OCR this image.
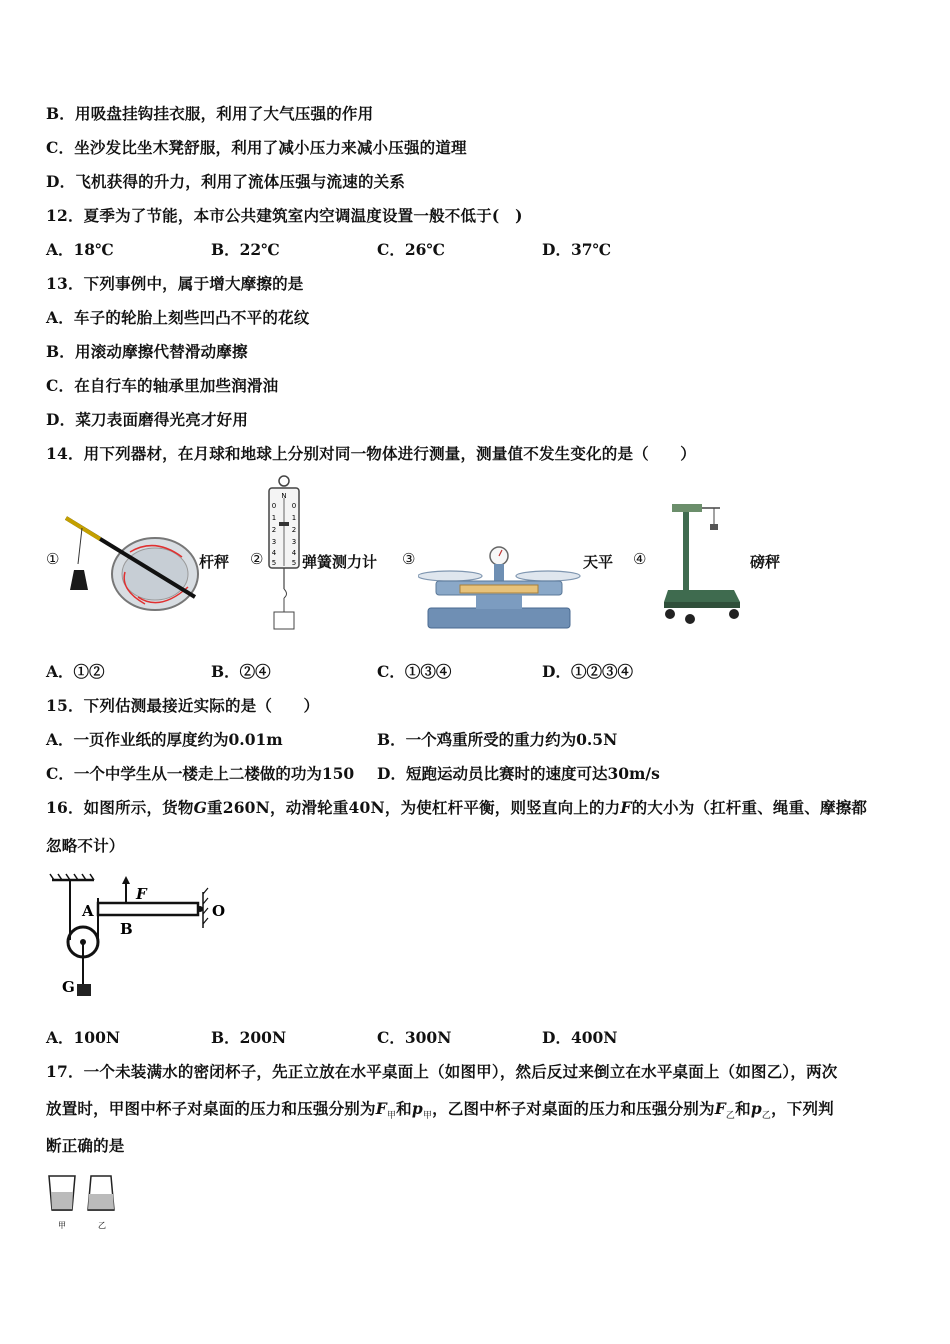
B．用吸盘挂钩挂衣服，利用了大气压强的作用
C．坐沙发比坐木凳舒服，利用了减小压力来减小压强的道理
D．飞机获得的升力，利用了流体压强与流速的关系
12．夏季为了节能，本市公共建筑室内空调温度设置一般不低于(　)
A．18℃	B．22℃	C．26℃	D．37℃
13．下列事例中，属于增大摩擦的是
A．车子的轮胎上刻些凹凸不平的花纹
B．用滚动摩擦代替滑动摩擦
C．在自行车的轴承里加些润滑油
D．菜刀表面磨得光亮才好用
14．用下列器材，在月球和地球上分别对同一物体进行测量，测量值不发生变化的是（　　）
①	杆秤 ②
N
0
1
2
3
4
5
0
1
2
3
4
5 弹簧测力计 ③	天平 ④	磅秤
A．①②	B．②④	C．①③④	D．①②③④
15．下列估测最接近实际的是（　　）
A．一页作业纸的厚度约为0.01m	B．一个鸡重所受的重力约为0.5N
C．一个中学生从一楼走上二楼做的功为150 D．短跑运动员比赛时的速度可达30m/s
16．如图所示，货物G重260N，动滑轮重40N，为使杠杆平衡，则竖直向上的力F的大小为（扛杆重、绳重、摩擦都
忽略不计）
F
A
B
O
G
A．100N	B．200N	C．300N	D．400N
17．一个未装满水的密闭杯子，先正立放在水平桌面上（如图甲），然后反过来倒立在水平桌面上（如图乙），两次
放置时，甲图中杯子对桌面的压力和压强分别为$F_甲$和$p_甲$，乙图中杯子对桌面的压力和压强分别为$F_乙$和$p_乙$，下列判
断正确的是
甲	乙
